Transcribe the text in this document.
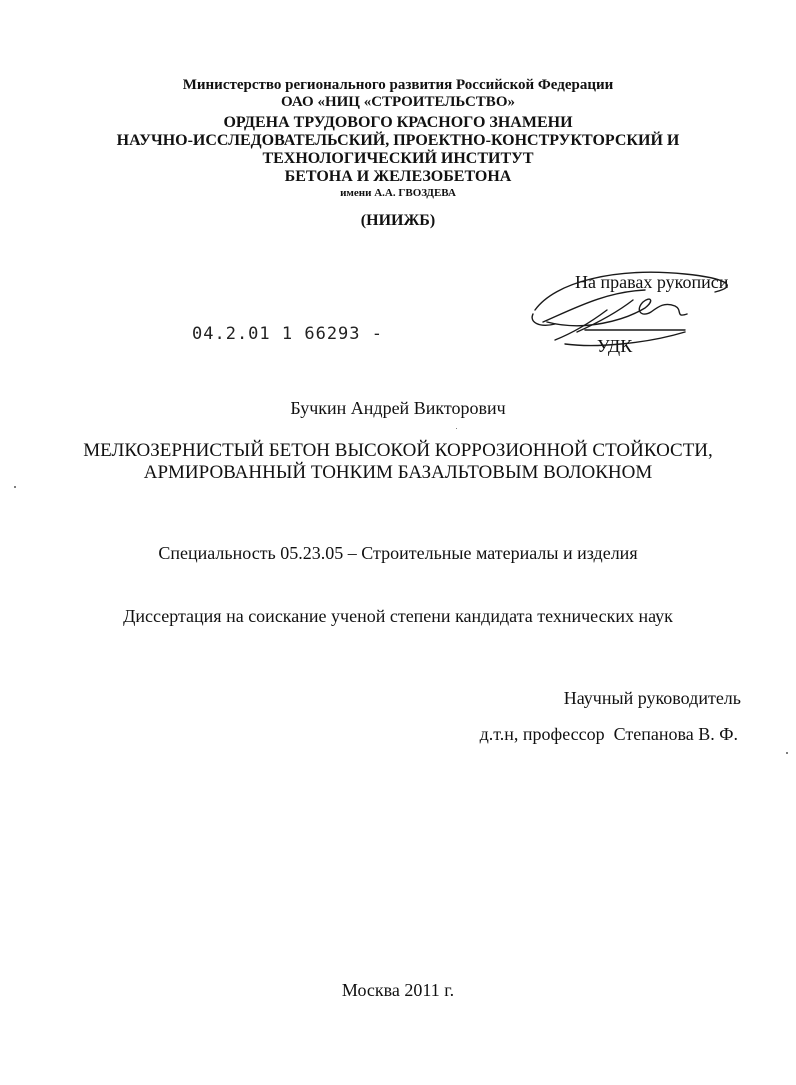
Министерство регионального развития Российской Федерации
ОАО «НИЦ «СТРОИТЕЛЬСТВО»
ОРДЕНА ТРУДОВОГО КРАСНОГО ЗНАМЕНИ
НАУЧНО-ИССЛЕДОВАТЕЛЬСКИЙ, ПРОЕКТНО-КОНСТРУКТОРСКИЙ И
ТЕХНОЛОГИЧЕСКИЙ ИНСТИТУТ
БЕТОНА И ЖЕЛЕЗОБЕТОНА
имени А.А. ГВОЗДЕВА
(НИИЖБ)
На правах рукописи
УДК
04.2.01 1 66293 -
Бучкин Андрей Викторович
МЕЛКОЗЕРНИСТЫЙ БЕТОН ВЫСОКОЙ КОРРОЗИОННОЙ СТОЙКОСТИ,
АРМИРОВАННЫЙ ТОНКИМ БАЗАЛЬТОВЫМ ВОЛОКНОМ
Специальность 05.23.05 – Строительные материалы и изделия
Диссертация на соискание ученой степени кандидата технических наук
Научный руководитель
д.т.н, профессор  Степанова В. Ф.
Москва 2011 г.
